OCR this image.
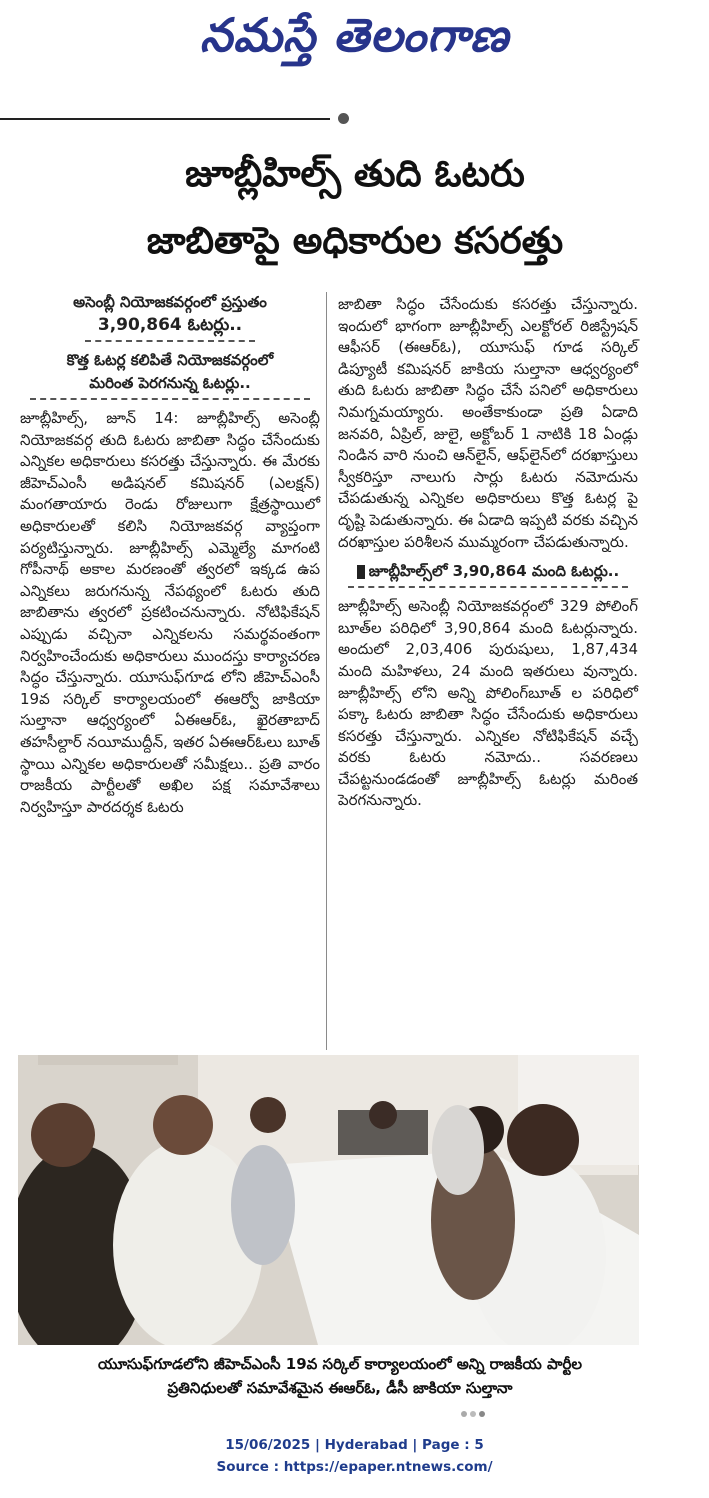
నమస్తే తెలంగాణ
జూబ్లీహిల్స్ తుది ఓటరు
జాబితాపై అధికారుల కసరత్తు
అసెంబ్లీ నియోజకవర్గంలో ప్రస్తుతం
3,90,864 ఓటర్లు..
కొత్త ఓటర్ల కలిపితే నియోజకవర్గంలో
మరింత పెరగనున్న ఓటర్లు..

జూబ్లీహిల్స్, జూన్ 14: జూబ్లీహిల్స్ అసెంబ్లీ నియోజకవర్గ తుది ఓటరు జాబితా సిద్ధం చేసేందుకు ఎన్నికల అధికారులు కసరత్తు చేస్తున్నారు. ఈ మేరకు జీహెచ్ఎంసీ అడిషనల్ కమిషనర్ (ఎలక్షన్) మంగతాయారు రెండు రోజులుగా క్షేత్రస్థాయిలో అధికారులతో కలిసి నియోజకవర్గ వ్యాప్తంగా పర్యటిస్తున్నారు. జూబ్లీహిల్స్ ఎమ్మెల్యే మాగంటి గోపీనాథ్ అకాల మరణంతో త్వరలో ఇక్కడ ఉప ఎన్నికలు జరుగనున్న నేపథ్యంలో ఓటరు తుది జాబితాను త్వరలో ప్రకటించనున్నారు. నోటిఫికేషన్ ఎప్పుడు వచ్చినా ఎన్నికలను సమర్థవంతంగా నిర్వహించేందుకు అధికారులు ముందస్తు కార్యాచరణ సిద్ధం చేస్తున్నారు. యూసుఫ్‌గూడ లోని జీహెచ్ఎంసీ 19వ సర్కిల్ కార్యాలయంలో ఈఆర్వో జాకియా సుల్తానా ఆధ్వర్యంలో ఏఈఆర్ఓ, ఖైరతాబాద్ తహసీల్దార్ నయీముద్దీన్, ఇతర ఏఈఆర్ఓలు బూత్ స్థాయి ఎన్నికల అధికారులతో సమీక్షలు.. ప్రతి వారం రాజకీయ పార్టీలతో అఖిల పక్ష సమావేశాలు నిర్వహిస్తూ పారదర్శక ఓటరు

జాబితా సిద్ధం చేసేందుకు కసరత్తు చేస్తున్నారు. ఇందులో భాగంగా జూబ్లీహిల్స్ ఎలక్టోరల్ రిజిస్ట్రేషన్ ఆఫీసర్ (ఈఆర్ఓ), యూసుఫ్ గూడ సర్కిల్ డిప్యూటీ కమిషనర్ జాకియ సుల్తానా ఆధ్వర్యంలో తుది ఓటరు జాబితా సిద్ధం చేసే పనిలో అధికారులు నిమగ్నమయ్యారు. అంతేకాకుండా ప్రతి ఏడాది జనవరి, ఏప్రిల్, జులై, అక్టోబర్ 1 నాటికి 18 ఏండ్లు నిండిన వారి నుంచి ఆన్‌లైన్, ఆఫ్‌లైన్‌లో దరఖాస్తులు స్వీకరిస్తూ నాలుగు సార్లు ఓటరు నమోదును చేపడుతున్న ఎన్నికల అధికారులు కొత్త ఓటర్ల పై దృష్టి పెడుతున్నారు. ఈ ఏడాది ఇప్పటి వరకు వచ్చిన దరఖాస్తుల పరిశీలన ముమ్మరంగా చేపడుతున్నారు.

జూబ్లీహిల్స్‌లో 3,90,864 మంది ఓటర్లు..

జూబ్లీహిల్స్ అసెంబ్లీ నియోజకవర్గంలో 329 పోలింగ్ బూత్‌ల పరిధిలో 3,90,864 మంది ఓటర్లున్నారు. అందులో 2,03,406 పురుషులు, 1,87,434 మంది మహిళలు, 24 మంది ఇతరులు వున్నారు. జూబ్లీహిల్స్ లోని అన్ని పోలింగ్‌బూత్ ల పరిధిలో పక్కా ఓటరు జాబితా సిద్ధం చేసేందుకు అధికారులు కసరత్తు చేస్తున్నారు. ఎన్నికల నోటిఫికేషన్ వచ్చే వరకు ఓటరు నమోదు.. సవరణలు చేపట్టనుండడంతో జూబ్లీహిల్స్ ఓటర్లు మరింత పెరగనున్నారు.

యూసుఫ్‌గూడలోని జీహెచ్ఎంసీ 19వ సర్కిల్ కార్యాలయంలో అన్ని రాజకీయ పార్టీల
ప్రతినిధులతో సమావేశమైన ఈఆర్ఓ, డీసీ జాకియా సుల్తానా
15/06/2025 | Hyderabad | Page : 5
Source : https://epaper.ntnews.com/
